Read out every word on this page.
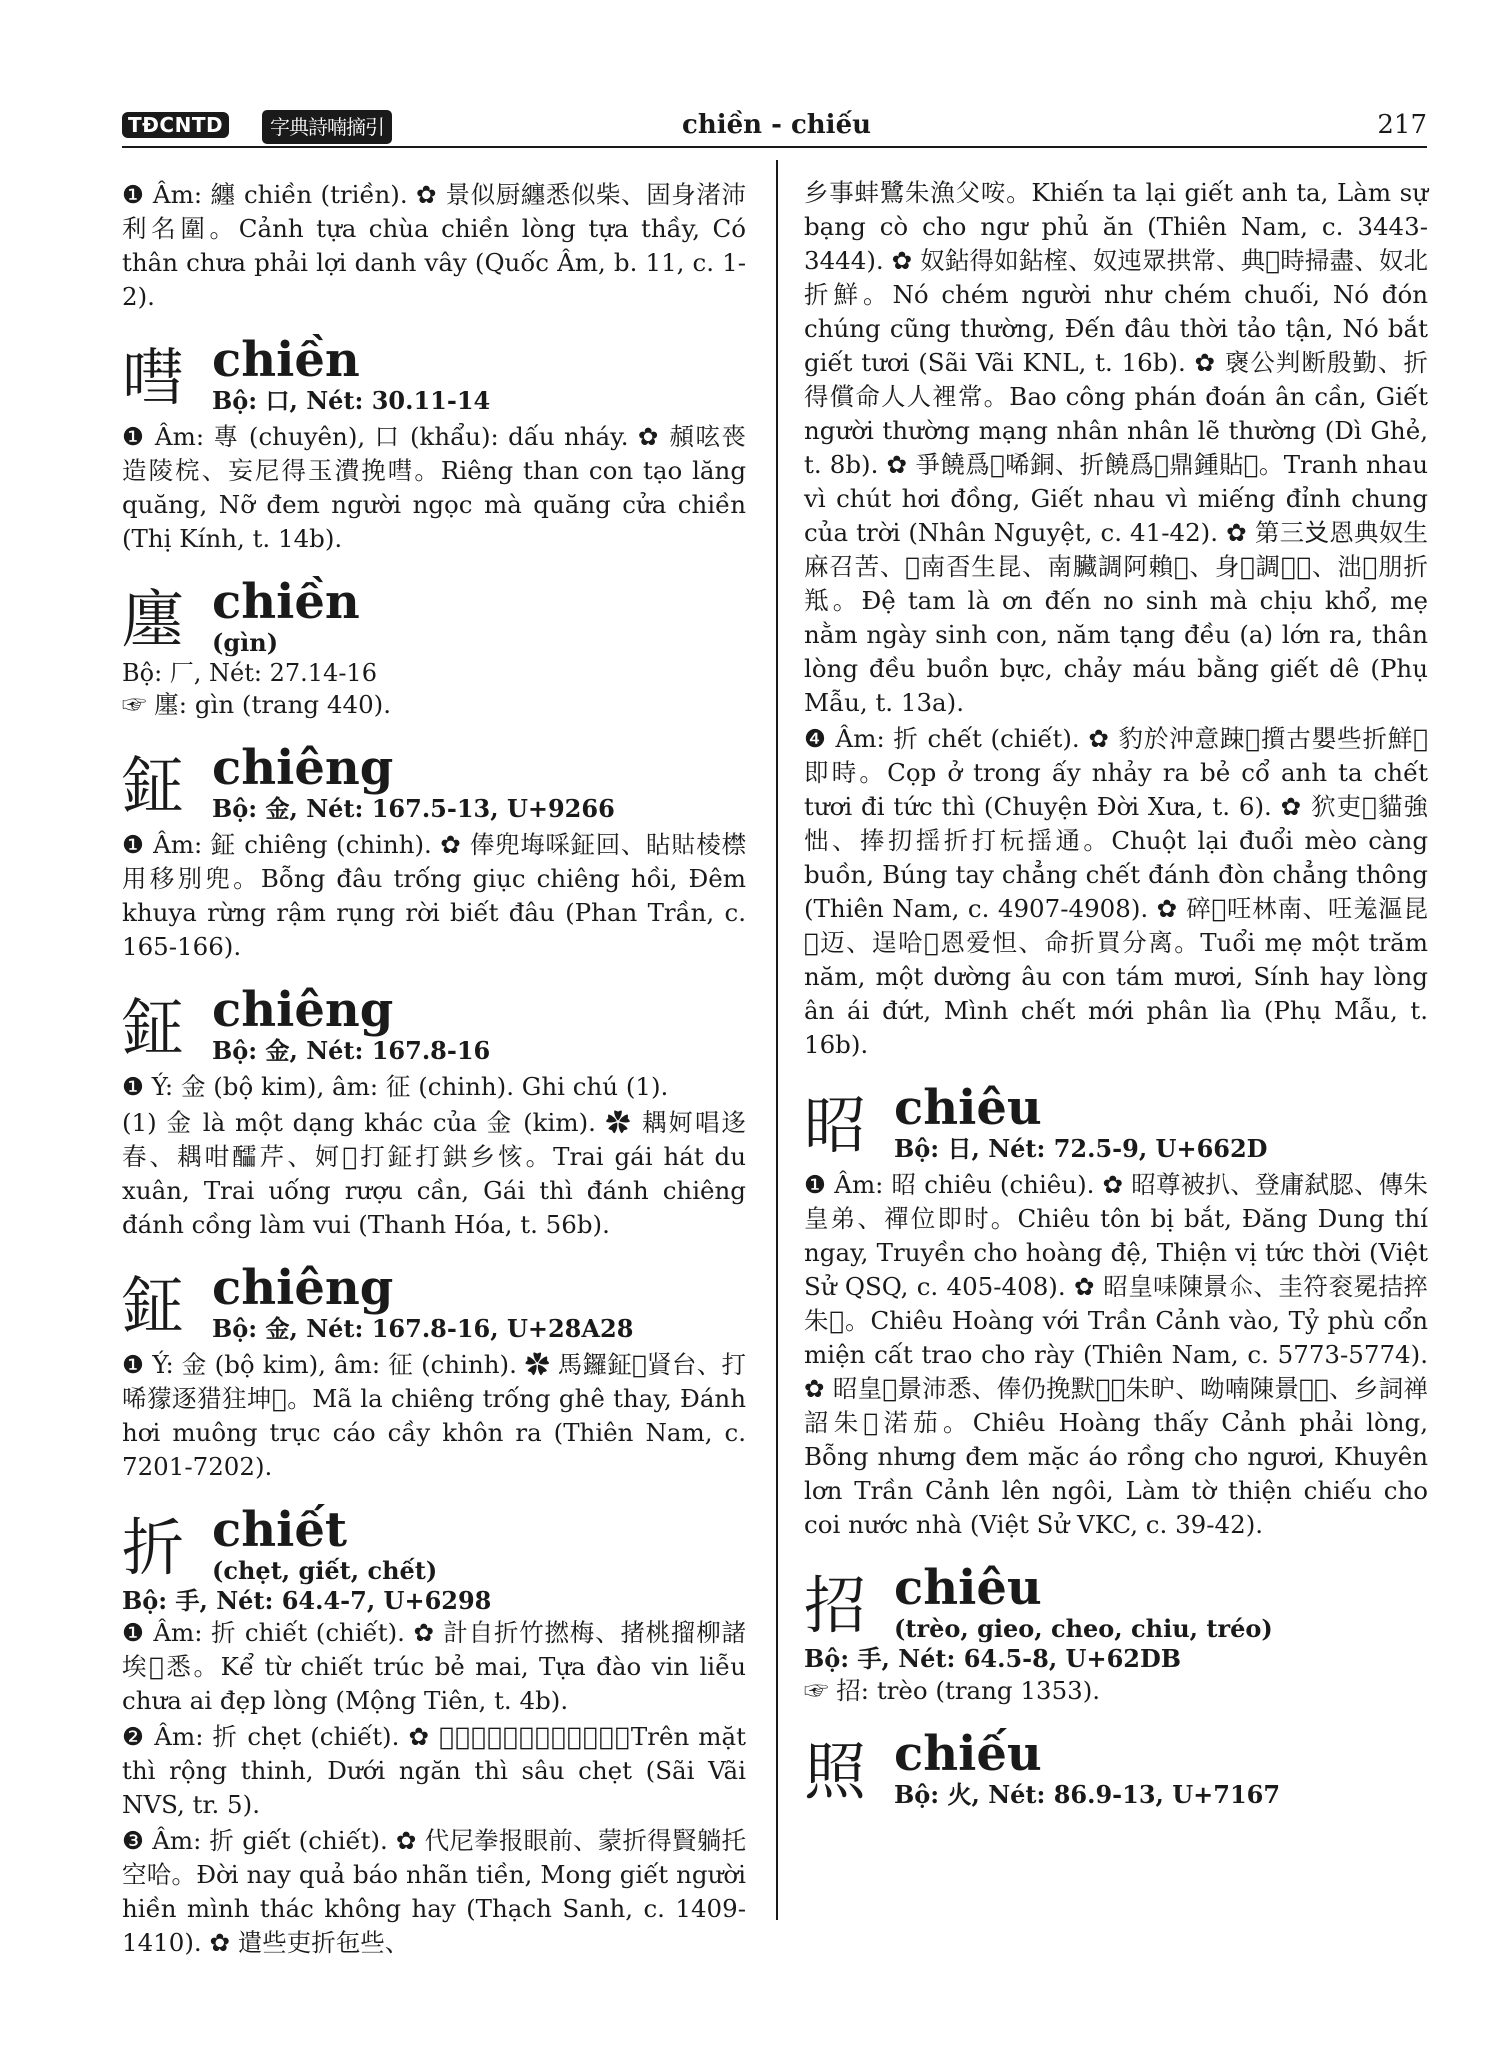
TĐCNTD	字典詩喃摘引	chiền - chiếu	217

❶ Âm: 纏 chiền (triền). ✿ 景似厨纏悉似柴、固身渚沛利名圍。Cảnh tựa chùa chiền lòng tựa thầy, Có thân chưa phải lợi danh vây (Quốc Âm, b. 11, c. 1-2).

嘒 chiền
Bộ: 口, Nét: 30.11-14

❶ Âm: 專 (chuyên), 口 (khẩu): dấu nháy. ✿ 頳呟䘮造陵梡、妄尼得玉㵒挽嘒。Riêng than con tạo lăng quăng, Nỡ đem người ngọc mà quăng cửa chiền (Thị Kính, t. 14b).

廛 chiền
(gìn)
Bộ: 厂, Nét: 27.14-16

☞ 廛: gìn (trang 440).

鉦 chiêng
Bộ: 金, Nét: 167.5-13, U+9266

❶ Âm: 鉦 chiêng (chinh). ✿ 俸兜㙁啋鉦回、䀡𧵑棱㯲用移別兜。Bỗng đâu trống giục chiêng hồi, Đêm khuya rừng rậm rụng rời biết đâu (Phan Trần, c. 165-166).

鉦 chiêng
Bộ: 金, Nét: 167.8-16

❶ Ý: 金 (bộ kim), âm: 征 (chinh). Ghi chú (1).

(1) 金 là một dạng khác của 金 (kim). ✿ 耦妸唱迻春、耦咁醽芹、妸𠱋打鉦打鉷乡㤥。Trai gái hát du xuân, Trai uống rượu cần, Gái thì đánh chiêng đánh cồng làm vui (Thanh Hóa, t. 56b).

鉦 chiêng
Bộ: 金, Nét: 167.8-16, U+28A28

❶ Ý: 金 (bộ kim), âm: 征 (chinh). ✿ 馬鑼鉦𡀯䝨台、打唏獴逐猎㹥坤𪟽。Mã la chiêng trống ghê thay, Đánh hơi muông trục cáo cầy khôn ra (Thiên Nam, c. 7201-7202).

折 chiết
(chẹt, giết, chết)
Bộ: 手, Nét: 64.4-7, U+6298

❶ Âm: 折 chiết (chiết). ✿ 計自折竹撚梅、㨋桃㨨柳諸埃𢞅悉。Kể từ chiết trúc bẻ mai, Tựa đào vin liễu chưa ai đẹp lòng (Mộng Tiên, t. 4b).

❷ Âm: 折 chẹt (chiết). ✿ 𨖲𤍊時畊声、迋垠𠱋渼折。Trên mặt thì rộng thinh, Dưới ngăn thì sâu chẹt (Sãi Vãi NVS, tr. 5).

❸ Âm: 折 giết (chiết). ✿ 代尼拳报眼前、蒙折得賢躺托空哈。Đời nay quả báo nhãn tiền, Mong giết người hiền mình thác không hay (Thạch Sanh, c. 1409-1410). ✿ 遣些吏折㐌些、

乡事蚌鷺朱漁父咹。Khiến ta lại giết anh ta, Làm sự bạng cò cho ngư phủ ăn (Thiên Nam, c. 3443-3444). ✿ 奴鉆得如鉆榁、奴迍眾拱常、典𦤾時掃盡、奴北折鮮。Nó chém người như chém chuối, Nó đón chúng cũng thường, Đến đâu thời tảo tận, Nó bắt giết tươi (Sãi Vãi KNL, t. 16b). ✿ 襃公判断殷勤、折得償命人人裡常。Bao công phán đoán ân cần, Giết người thường mạng nhân nhân lẽ thường (Dì Ghẻ, t. 8b). ✿ 爭饒爲𠹾唏銅、折饒爲𠸼鼎鍾貼𡗶。Tranh nhau vì chút hơi đồng, Giết nhau vì miếng đỉnh chung của trời (Nhân Nguyệt, c. 41-42). ✿ 第三𠬠恩典奴生麻召苦、𡢐南㫘生昆、南臟調阿賴𤳸、身𡗶調𠰘𢣂、泏𣳔朋折羝。Đệ tam là ơn đến no sinh mà chịu khổ, mẹ nằm ngày sinh con, năm tạng đều (a) lớn ra, thân lòng đều buồn bực, chảy máu bằng giết dê (Phụ Mẫu, t. 13a).

❹ Âm: 折 chết (chiết). ✿ 豹於沖意踈𨇒㩫古嬰些折鮮𨀈即時。Cọp ở trong ấy nhảy ra bẻ cổ anh ta chết tươi đi tức thì (Chuyện Đời Xưa, t. 6). ✿ 狖吏𨇜貓強㤕、捧㧅揺折打杬揺通。Chuột lại đuổi mèo càng buồn, Búng tay chẳng chết đánh đòn chẳng thông (Thiên Nam, c. 4907-4908). ✿ 碎𡢐㕵林南、㕵羗漚昆𢬣迈、逞哈𡗶恩爱怛、命折買分离。Tuổi mẹ một trăm năm, một dường âu con tám mươi, Sính hay lòng ân ái đứt, Mình chết mới phân lìa (Phụ Mẫu, t. 16b).

昭 chiêu
Bộ: 日, Nét: 72.5-9, U+662D

❶ Âm: 昭 chiêu (chiêu). ✿ 昭尊被扒、登庸弑䏰、傳朱皇弟、禪位即时。Chiêu tôn bị bắt, Đăng Dung thí ngay, Truyền cho hoàng đệ, Thiện vị tức thời (Việt Sử QSQ, c. 405-408). ✿ 昭皇𠱤陳㬌𠇍、圭符衮冕拮捽朱𫥨。Chiêu Hoàng với Trần Cảnh vào, Tỷ phù cổn miện cất trao cho rày (Thiên Nam, c. 5773-5774). ✿ 昭皇𧡊㬌沛悉、俸仍挽默𧜖𧕚朱昈、呦喃陳㬌𨖲𩛖、乡詞禅詔朱𣚣渃茄。Chiêu Hoàng thấy Cảnh phải lòng, Bỗng nhưng đem mặc áo rồng cho ngươi, Khuyên lơn Trần Cảnh lên ngôi, Làm tờ thiện chiếu cho coi nước nhà (Việt Sử VKC, c. 39-42).

招 chiêu
(trèo, gieo, cheo, chiu, tréo)
Bộ: 手, Nét: 64.5-8, U+62DB

☞ 招: trèo (trang 1353).

照 chiếu
Bộ: 火, Nét: 86.9-13, U+7167
